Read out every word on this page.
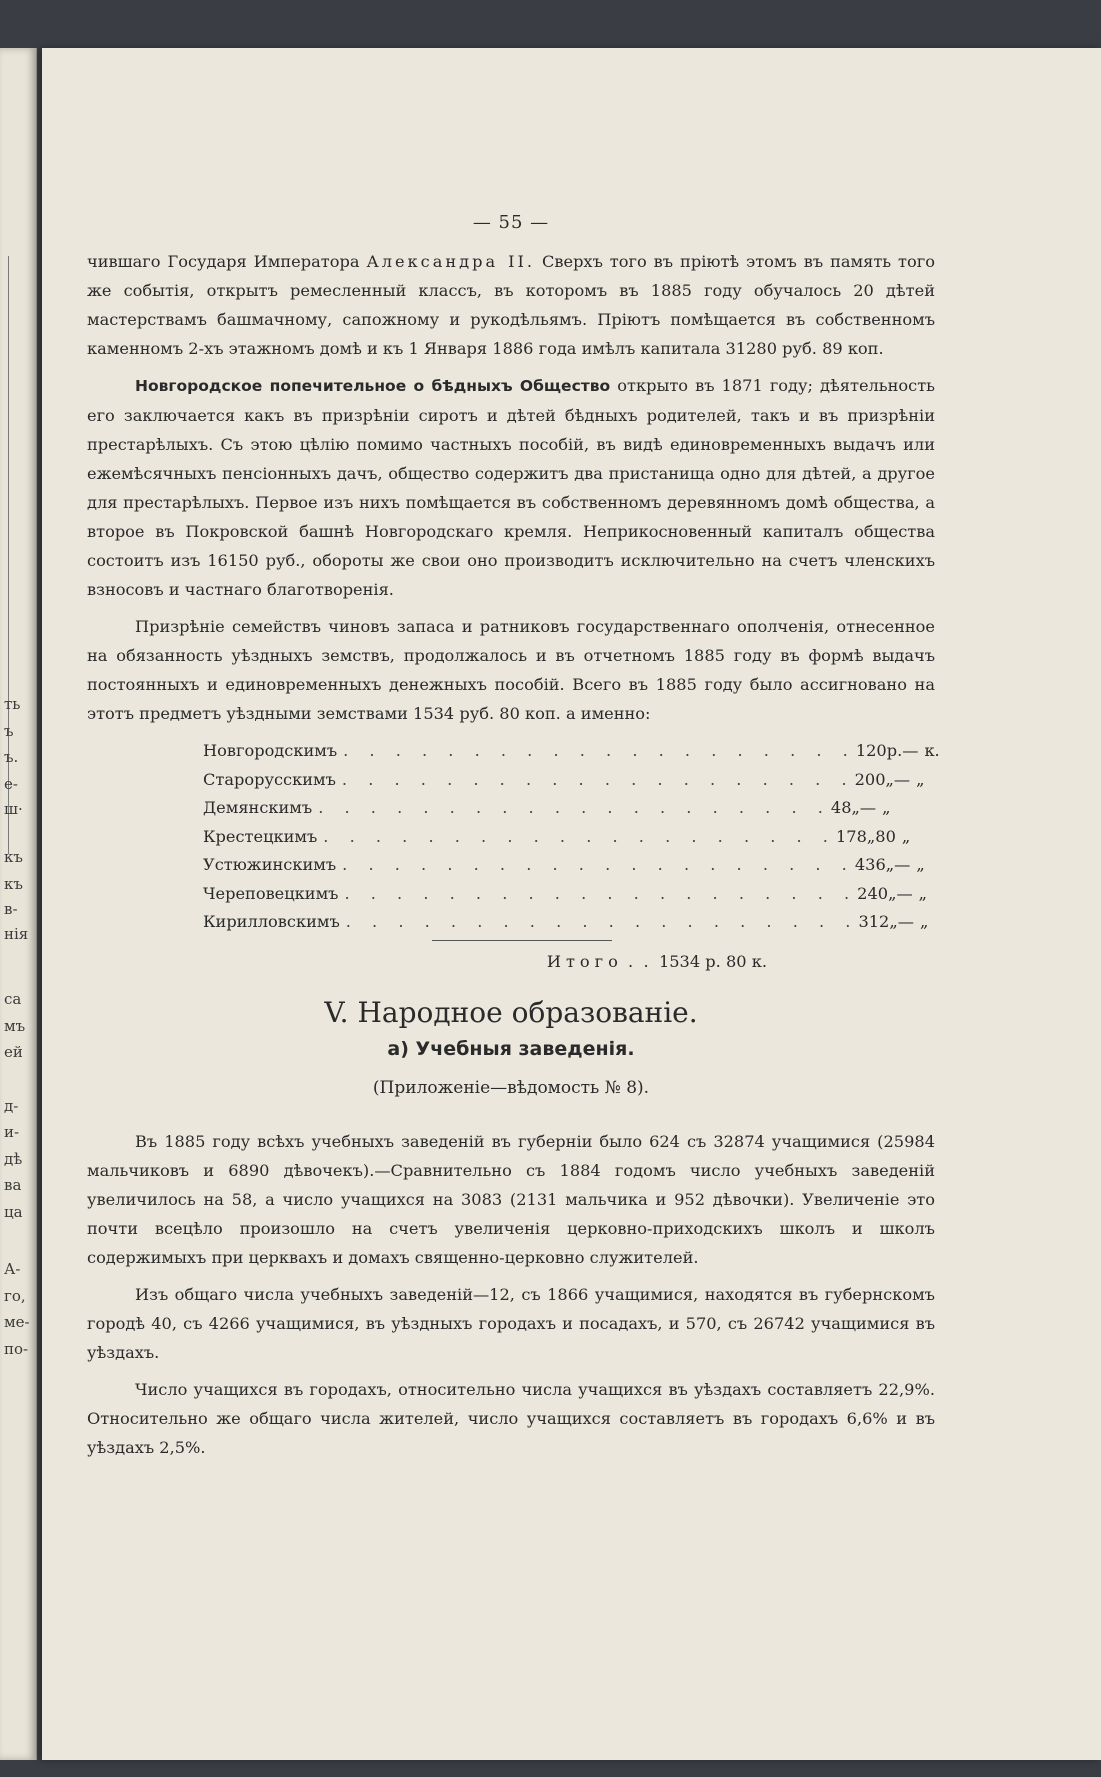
ть
ъ
ъ.
е-
ш·
къ
къ
в-
нія
са
мъ
ей
д-
и-
дѣ
ва
ца
А-
го,
ме-
по-
— 55 —

чившаго Государя Императора Александра II. Сверхъ того въ пріютѣ этомъ въ память того же событія, открытъ ремесленный классъ, въ которомъ въ 1885 году обучалось 20 дѣтей мастерствамъ башмачному, сапожному и рукодѣльямъ. Пріютъ помѣщается въ собственномъ каменномъ 2-хъ этажномъ домѣ и къ 1 Января 1886 года имѣлъ капитала 31280 руб. 89 коп.

Новгородское попечительное о бѣдныхъ Общество открыто въ 1871 году; дѣятельность его заключается какъ въ призрѣніи сиротъ и дѣтей бѣдныхъ родителей, такъ и въ призрѣніи престарѣлыхъ. Съ этою цѣлію помимо частныхъ пособій, въ видѣ единовременныхъ выдачъ или ежемѣсячныхъ пенсіонныхъ дачъ, общество содержитъ два пристанища одно для дѣтей, а другое для престарѣлыхъ. Первое изъ нихъ помѣщается въ собственномъ деревянномъ домѣ общества, а второе въ Покровской башнѣ Новгородскаго кремля. Неприкосновенный капиталъ общества состоитъ изъ 16150 руб., обороты же свои оно производитъ исключительно на счетъ членскихъ взносовъ и частнаго благотворенія.

Призрѣніе семействъ чиновъ запаса и ратниковъ государственнаго ополченія, отнесенное на обязанность уѣздныхъ земствъ, продолжалось и въ отчетномъ 1885 году въ формѣ выдачъ постоянныхъ и единовременныхъ денежныхъ пособій. Всего въ 1885 году было ассигновано на этотъ предметъ уѣздными земствами 1534 руб. 80 коп. а именно:

Новгородскимъ . . . . . . . . . . . . . . . . . . . . 120 р. — к.
Старорусскимъ . . . . . . . . . . . . . . . . . . . . 200 „ — „
Демянскимъ . . . . . . . . . . . . . . . . . . . . 48 „ — „
Крестецкимъ . . . . . . . . . . . . . . . . . . . . 178 „ 80 „
Устюжинскимъ . . . . . . . . . . . . . . . . . . . . 436 „ — „
Череповецкимъ . . . . . . . . . . . . . . . . . . . . 240 „ — „
Кирилловскимъ . . . . . . . . . . . . . . . . . . . . 312 „ — „
Итого .  . 1534
р.
80
к.
V. Народное образованіе.
а) Учебныя заведенія.
(Приложеніе—вѣдомость № 8).

Въ 1885 году всѣхъ учебныхъ заведеній въ губерніи было 624 съ 32874 учащимися (25984 мальчиковъ и 6890 дѣвочекъ).—Сравнительно съ 1884 годомъ число учебныхъ заведеній увеличилось на 58, а число учащихся на 3083 (2131 мальчика и 952 дѣвочки). Увеличеніе это почти всецѣло произошло на счетъ увеличенія церковно-приходскихъ школъ и школъ содержимыхъ при церквахъ и домахъ священно-церковно служителей.

Изъ общаго числа учебныхъ заведеній—12, съ 1866 учащимися, находятся въ губернскомъ городѣ 40, съ 4266 учащимися, въ уѣздныхъ городахъ и посадахъ, и 570, съ 26742 учащимися въ уѣздахъ.

Число учащихся въ городахъ, относительно числа учащихся въ уѣздахъ составляетъ 22,9%. Относительно же общаго числа жителей, число учащихся составляетъ въ городахъ 6,6% и въ уѣздахъ 2,5%.
